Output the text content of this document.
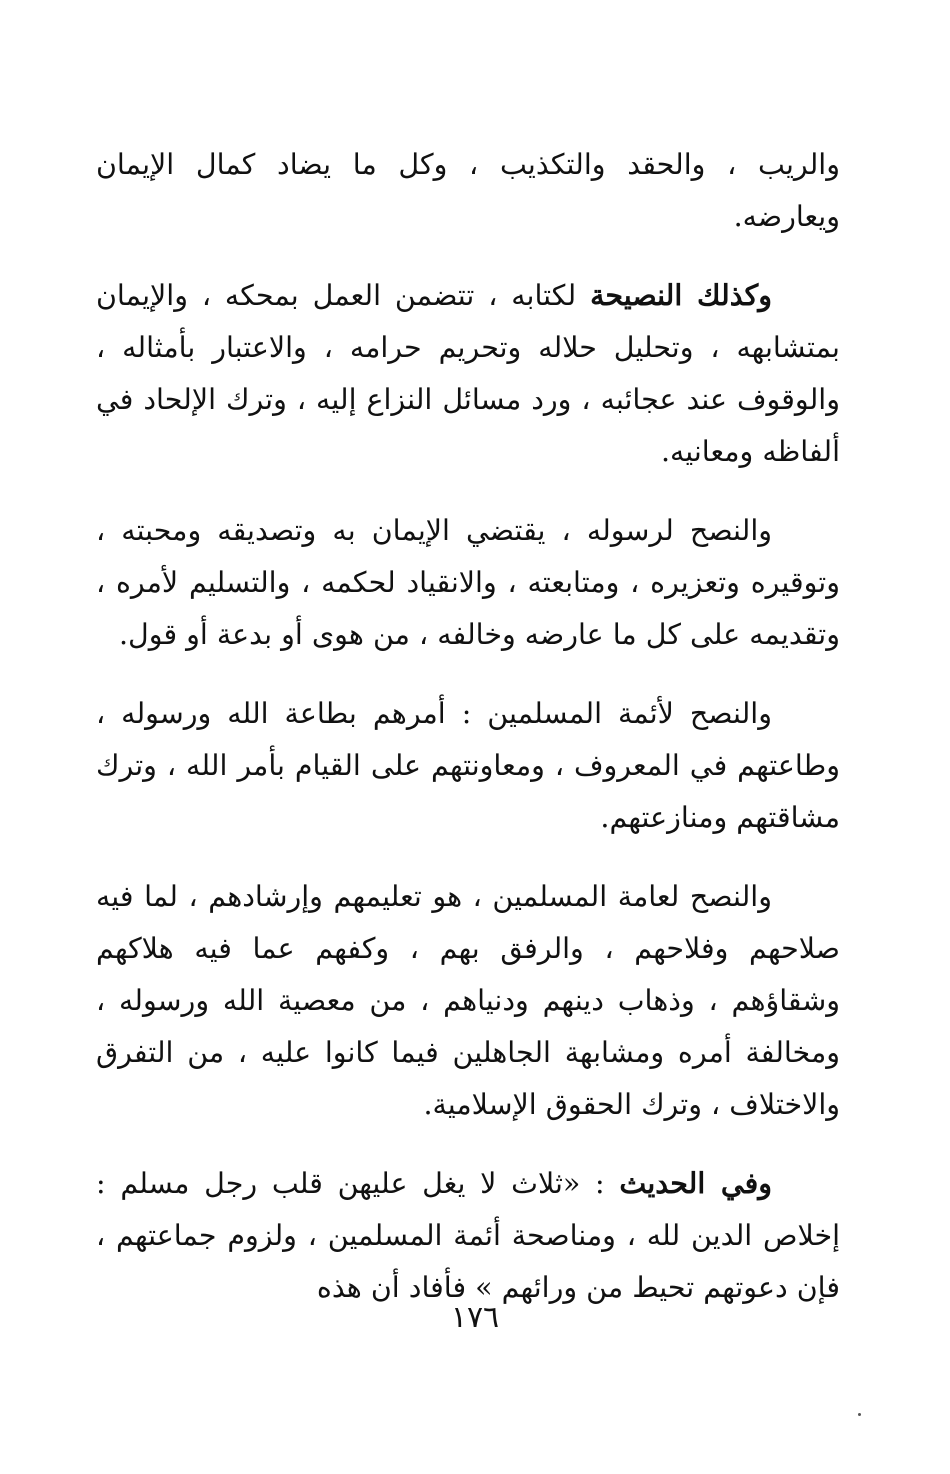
والريب ، والحقد والتكذيب ، وكل ما يضاد كمال الإيمان ويعارضه.

وكذلك النصيحة لكتابه ، تتضمن العمل بمحكه ، والإيمان بمتشابهه ، وتحليل حلاله وتحريم حرامه ، والاعتبار بأمثاله ، والوقوف عند عجائبه ، ورد مسائل النزاع إليه ، وترك الإلحاد في ألفاظه ومعانيه.

والنصح لرسوله ، يقتضي الإيمان به وتصديقه ومحبته ، وتوقيره وتعزيره ، ومتابعته ، والانقياد لحكمه ، والتسليم لأمره ، وتقديمه على كل ما عارضه وخالفه ، من هوى أو بدعة أو قول.

والنصح لأئمة المسلمين : أمرهم بطاعة الله ورسوله ، وطاعتهم في المعروف ، ومعاونتهم على القيام بأمر الله ، وترك مشاقتهم ومنازعتهم.

والنصح لعامة المسلمين ، هو تعليمهم وإرشادهم ، لما فيه صلاحهم وفلاحهم ، والرفق بهم ، وكفهم عما فيه هلاكهم وشقاؤهم ، وذهاب دينهم ودنياهم ، من معصية الله ورسوله ، ومخالفة أمره ومشابهة الجاهلين فيما كانوا عليه ، من التفرق والاختلاف ، وترك الحقوق الإسلامية.

وفي الحديث : «ثلاث لا يغل عليهن قلب رجل مسلم : إخلاص الدين لله ، ومناصحة أئمة المسلمين ، ولزوم جماعتهم ، فإن دعوتهم تحيط من ورائهم » فأفاد أن هذه

١٧٦
